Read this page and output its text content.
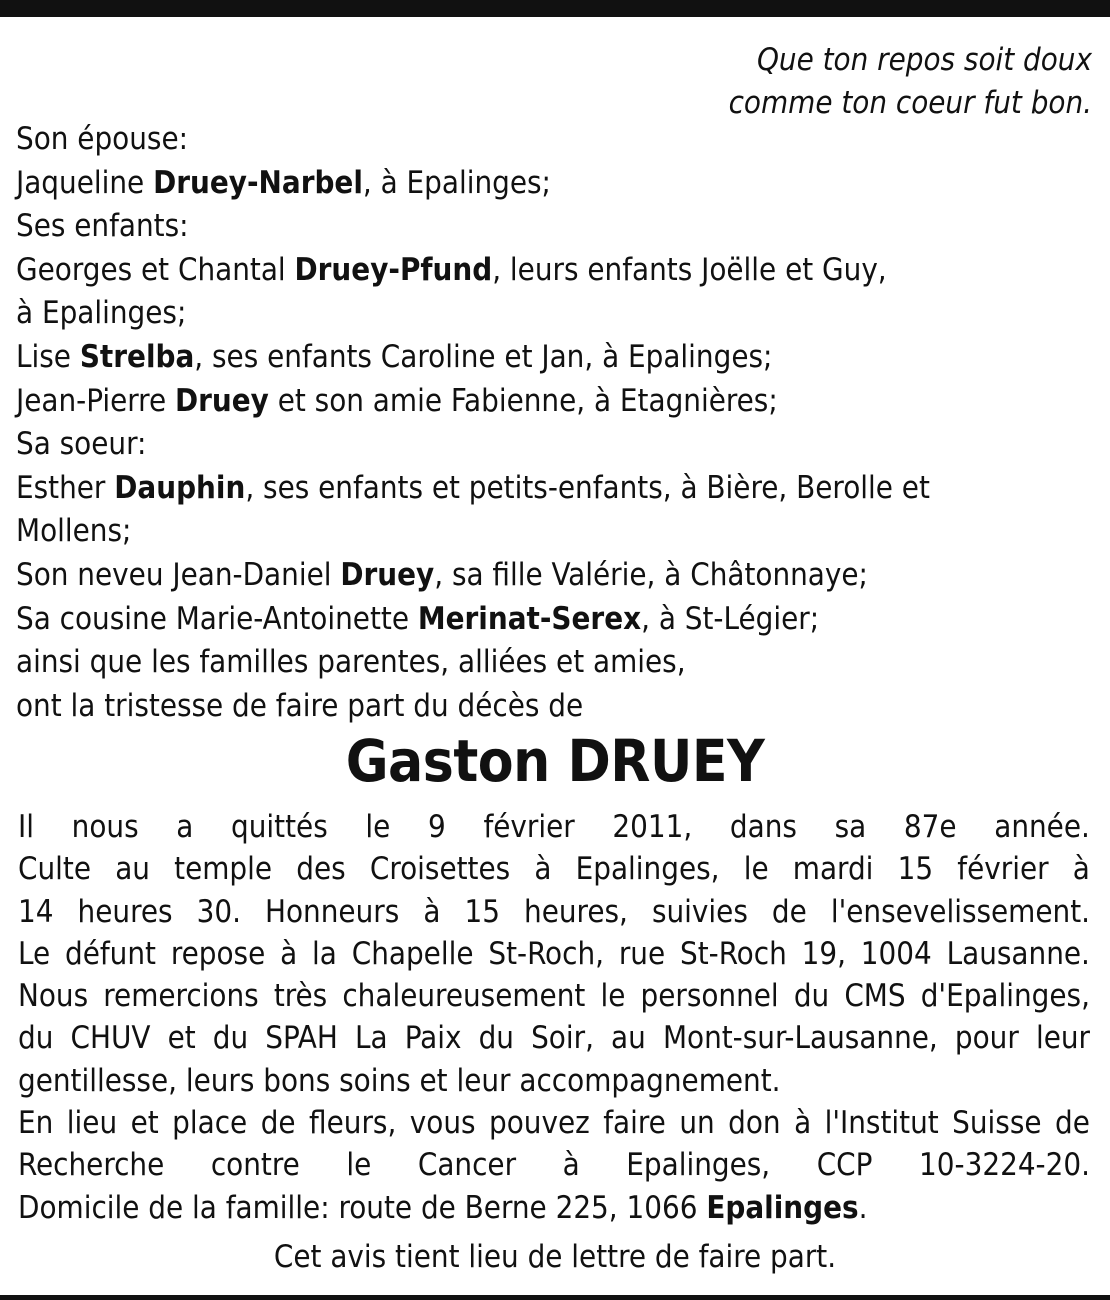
Que ton repos soit doux
comme ton coeur fut bon.
Son épouse:
Jaqueline Druey-Narbel, à Epalinges;
Ses enfants:
Georges et Chantal Druey-Pfund, leurs enfants Joëlle et Guy,
à Epalinges;
Lise Strelba, ses enfants Caroline et Jan, à Epalinges;
Jean-Pierre Druey et son amie Fabienne, à Etagnières;
Sa soeur:
Esther Dauphin, ses enfants et petits-enfants, à Bière, Berolle et
Mollens;
Son neveu Jean-Daniel Druey, sa fille Valérie, à Châtonnaye;
Sa cousine Marie-Antoinette Merinat-Serex, à St-Légier;
ainsi que les familles parentes, alliées et amies,
ont la tristesse de faire part du décès de
Gaston DRUEY
Il nous a quittés le 9 février 2011, dans sa 87e année.
Culte au temple des Croisettes à Epalinges, le mardi 15 février à
14 heures 30. Honneurs à 15 heures, suivies de l'ensevelissement.
Le défunt repose à la Chapelle St-Roch, rue St-Roch 19, 1004 Lausanne.
Nous remercions très chaleureusement le personnel du CMS d'Epalinges,
du CHUV et du SPAH La Paix du Soir, au Mont-sur-Lausanne, pour leur
gentillesse, leurs bons soins et leur accompagnement.
En lieu et place de fleurs, vous pouvez faire un don à l'Institut Suisse de
Recherche contre le Cancer à Epalinges, CCP 10-3224-20.
Domicile de la famille: route de Berne 225, 1066 Epalinges.
Cet avis tient lieu de lettre de faire part.
